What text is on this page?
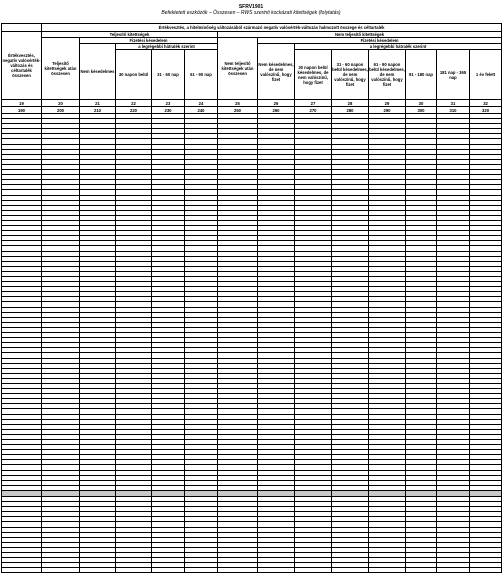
SFRV1901
Befektetett eszközök – Összesen – RWS szerinti kockázati kitettségek (folytatás)
	Értékvesztés, a hitelminőség változásából származó negatív valósérték-változás halmozott összege és céltartalék												
Értékvesztés, negatív valósérték-változás és céltartalék összesen	Teljesítő kitettségek					Nem teljesítő kitettségek							
	Teljesítő kitettségek után összesen	Fizetési késedelem				Nem teljesítő kitettségek után összesen	Fizetési késedelem						
		Nem késedelmes	a legrégebbi hátralék szerint				Nem késedelmes, de nem valószínű, hogy fizet	a legrégebbi hátralék szerint					
			30 napon belül	31 - 60 nap	61 - 90 nap			30 napon belül késedelmes, de nem valószínű, hogy fizet	31 - 60 napon belül késedelmes, de nem valószínű, hogy fizet	61 - 90 napon belül késedelmes, de nem valószínű, hogy fizet	91 - 180 nap	181 nap - 365 nap	1 év felett
19	20	21	22	23	24	25	26	27	28	29	30	31	32
190	200	210	220	230	240	250	260	270	280	290	300	310	320
